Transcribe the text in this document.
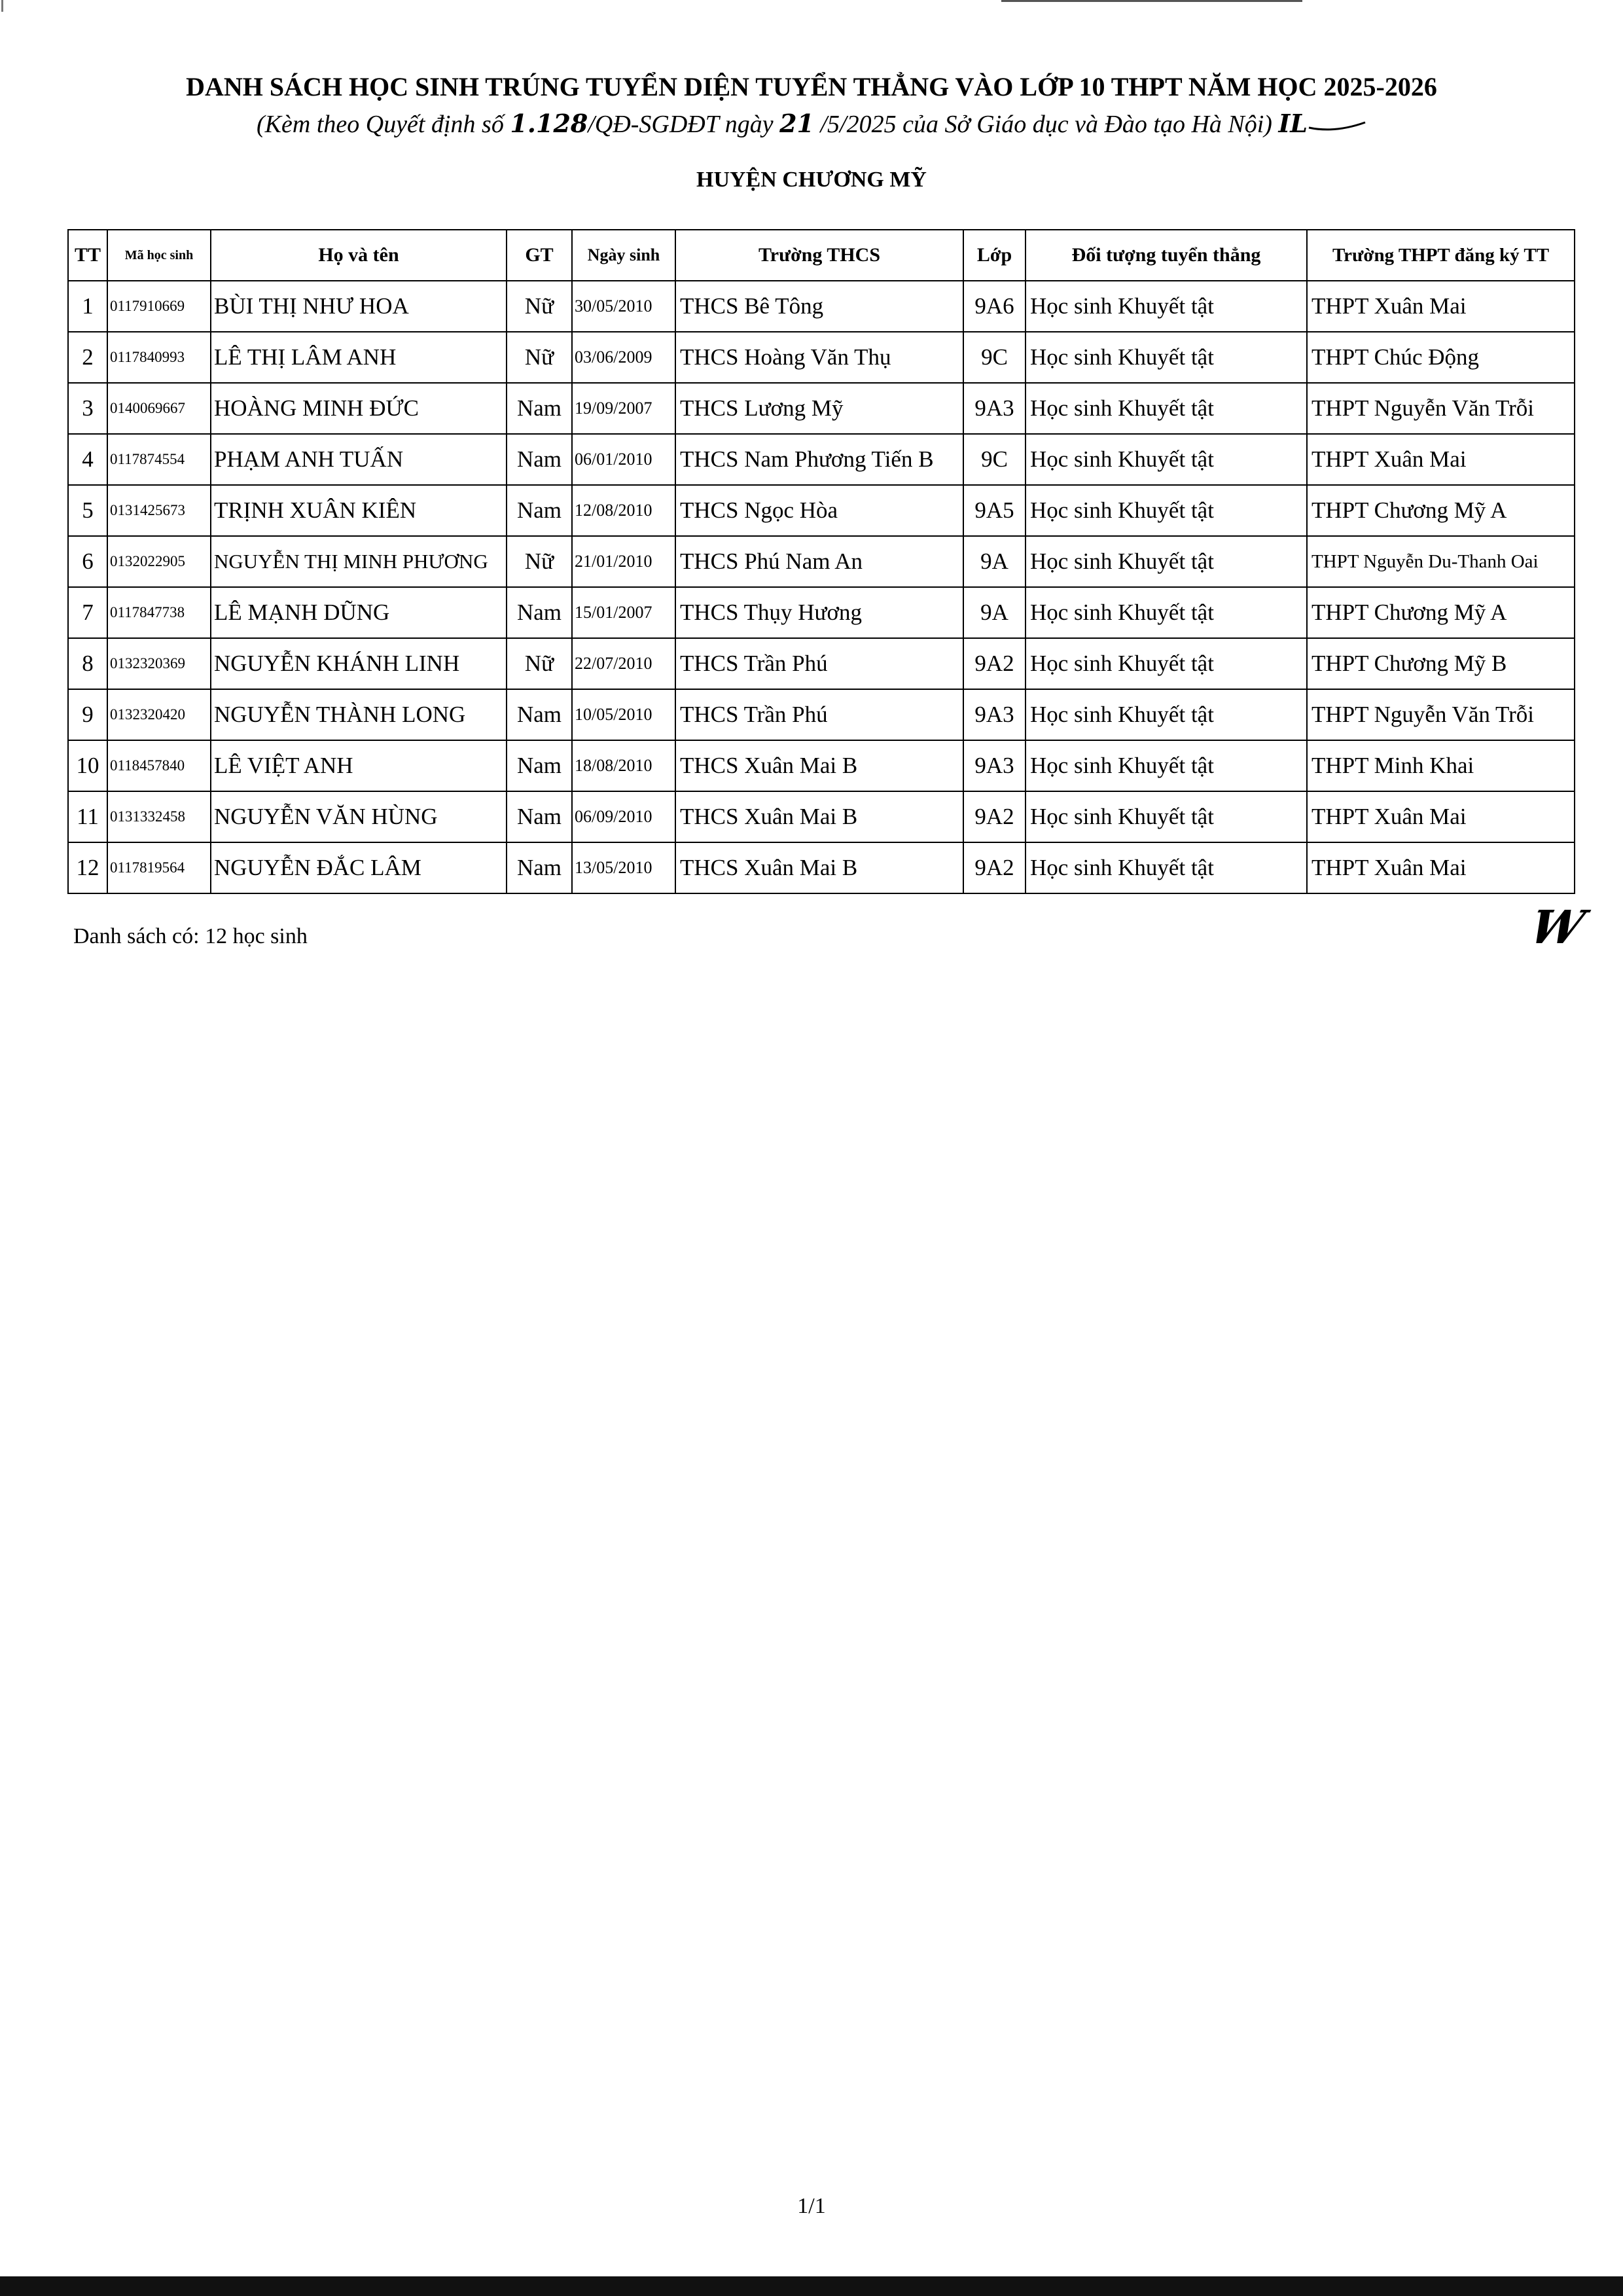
DANH SÁCH HỌC SINH TRÚNG TUYỂN DIỆN TUYỂN THẲNG VÀO LỚP 10 THPT NĂM HỌC 2025-2026
(Kèm theo Quyết định số 1.128/QĐ-SGDĐT ngày 21 /5/2025 của Sở Giáo dục và Đào tạo Hà Nội) IL
HUYỆN CHƯƠNG MỸ
TT	Mã học sinh	Họ và tên	GT	Ngày sinh	Trường THCS	Lớp	Đối tượng tuyển thẳng	Trường THPT đăng ký TT
1	0117910669	BÙI THỊ NHƯ HOA	Nữ	30/05/2010	THCS Bê Tông	9A6	Học sinh Khuyết tật	THPT Xuân Mai
2	0117840993	LÊ THỊ LÂM ANH	Nữ	03/06/2009	THCS Hoàng Văn Thụ	9C	Học sinh Khuyết tật	THPT Chúc Động
3	0140069667	HOÀNG MINH ĐỨC	Nam	19/09/2007	THCS Lương Mỹ	9A3	Học sinh Khuyết tật	THPT Nguyễn Văn Trỗi
4	0117874554	PHẠM ANH TUẤN	Nam	06/01/2010	THCS Nam Phương Tiến B	9C	Học sinh Khuyết tật	THPT Xuân Mai
5	0131425673	TRỊNH XUÂN KIÊN	Nam	12/08/2010	THCS Ngọc Hòa	9A5	Học sinh Khuyết tật	THPT Chương Mỹ A
6	0132022905	NGUYỄN THỊ MINH PHƯƠNG	Nữ	21/01/2010	THCS Phú Nam An	9A	Học sinh Khuyết tật	THPT Nguyễn Du-Thanh Oai
7	0117847738	LÊ MẠNH DŨNG	Nam	15/01/2007	THCS Thụy Hương	9A	Học sinh Khuyết tật	THPT Chương Mỹ A
8	0132320369	NGUYỄN KHÁNH LINH	Nữ	22/07/2010	THCS Trần Phú	9A2	Học sinh Khuyết tật	THPT Chương Mỹ B
9	0132320420	NGUYỄN THÀNH LONG	Nam	10/05/2010	THCS Trần Phú	9A3	Học sinh Khuyết tật	THPT Nguyễn Văn Trỗi
10	0118457840	LÊ VIỆT ANH	Nam	18/08/2010	THCS Xuân Mai B	9A3	Học sinh Khuyết tật	THPT Minh Khai
11	0131332458	NGUYỄN VĂN HÙNG	Nam	06/09/2010	THCS Xuân Mai B	9A2	Học sinh Khuyết tật	THPT Xuân Mai
12	0117819564	NGUYỄN ĐẮC LÂM	Nam	13/05/2010	THCS Xuân Mai B	9A2	Học sinh Khuyết tật	THPT Xuân Mai
Danh sách có: 12 học sinh	W
1/1
